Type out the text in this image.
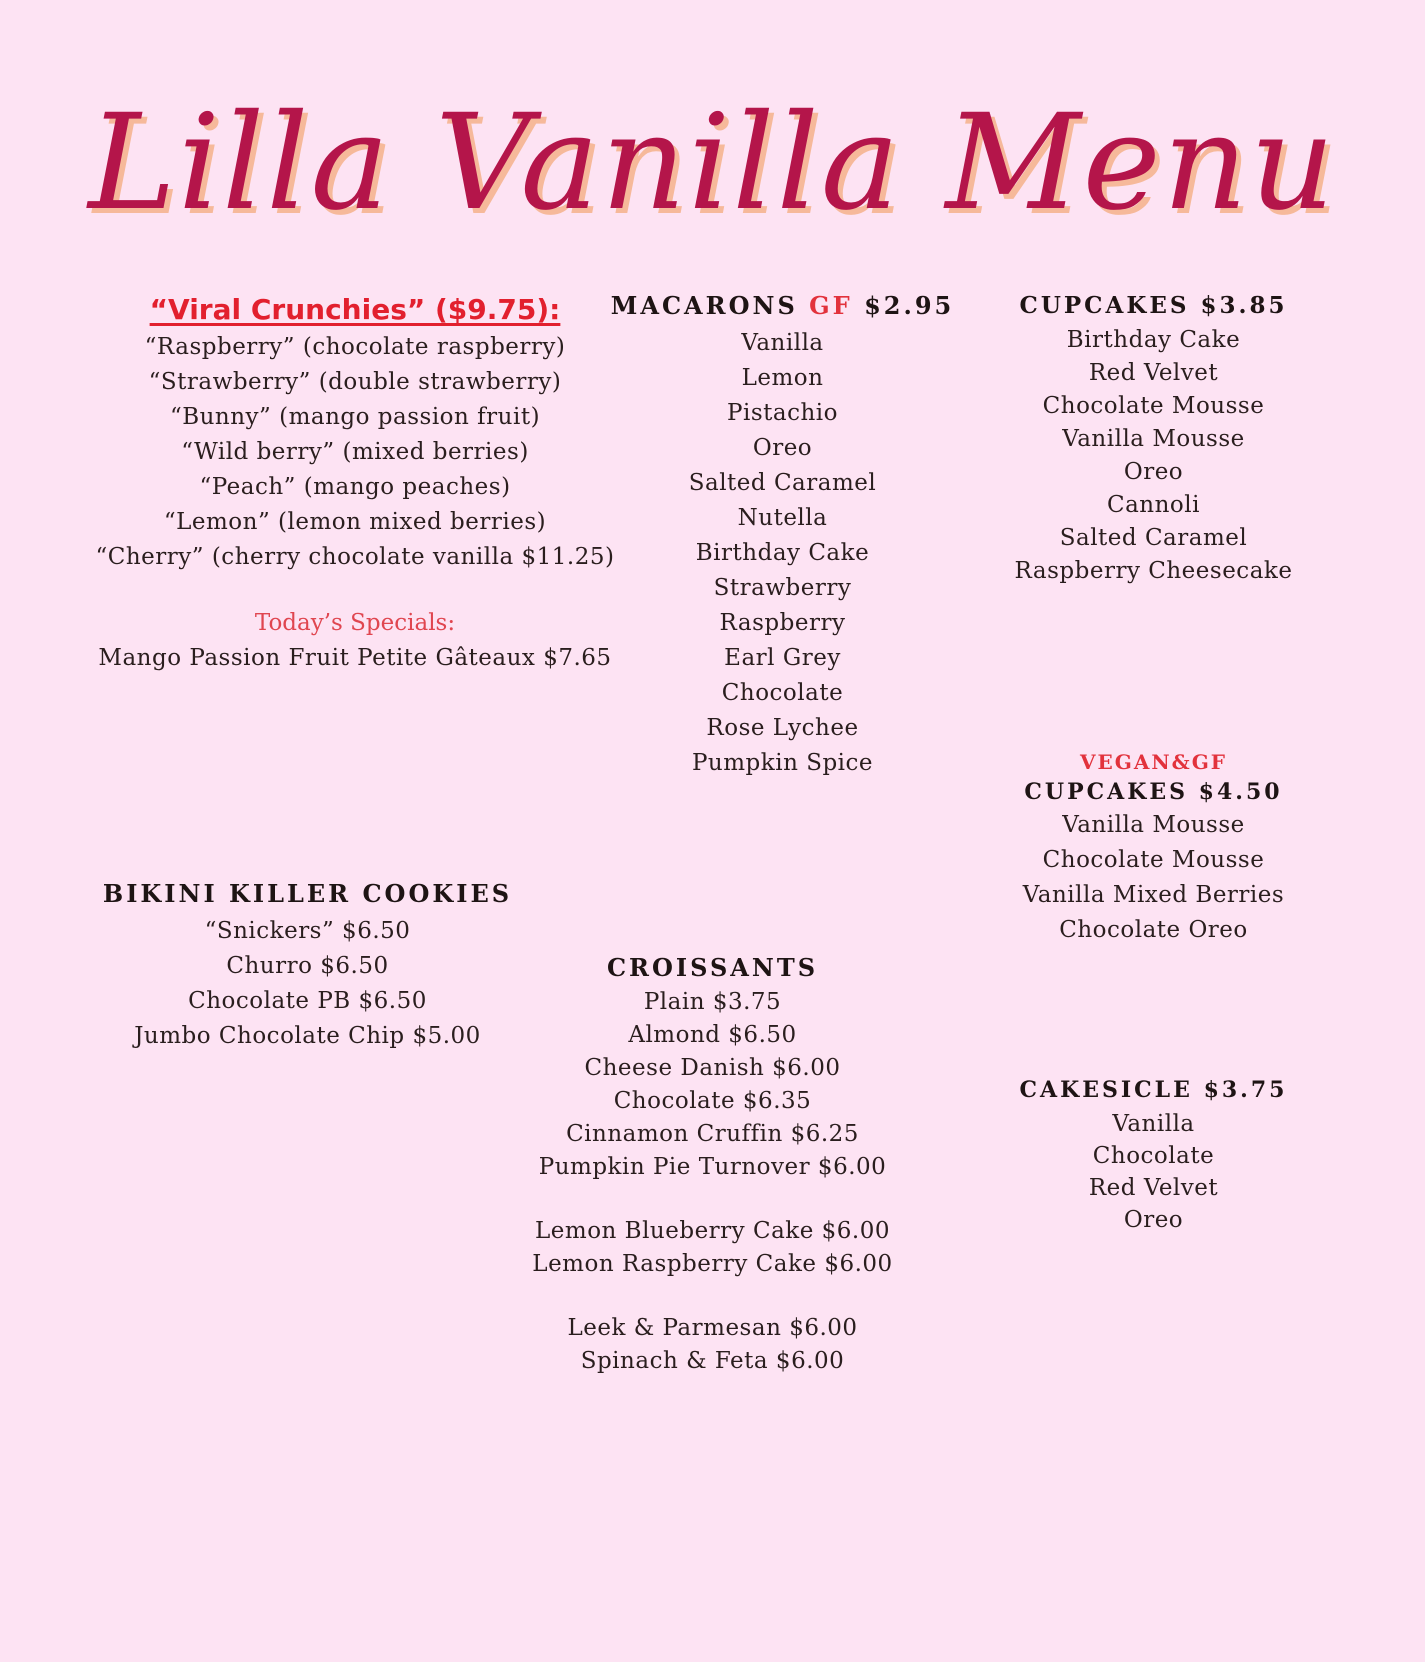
Lilla Vanilla Menu
“Viral Crunchies” ($9.75):
“Raspberry” (chocolate raspberry)
“Strawberry” (double strawberry)
“Bunny” (mango passion fruit)
“Wild berry” (mixed berries)
“Peach” (mango peaches)
“Lemon” (lemon mixed berries)
“Cherry” (cherry chocolate vanilla $11.25)
Today’s Specials:
Mango Passion Fruit Petite Gâteaux $7.65
BIKINI KILLER COOKIES
“Snickers” $6.50
Churro $6.50
Chocolate PB $6.50
Jumbo Chocolate Chip $5.00
MACARONS GF $2.95
Vanilla
Lemon
Pistachio
Oreo
Salted Caramel
Nutella
Birthday Cake
Strawberry
Raspberry
Earl Grey
Chocolate
Rose Lychee
Pumpkin Spice
CROISSANTS
Plain $3.75
Almond $6.50
Cheese Danish $6.00
Chocolate $6.35
Cinnamon Cruffin $6.25
Pumpkin Pie Turnover $6.00
Lemon Blueberry Cake $6.00
Lemon Raspberry Cake $6.00
Leek & Parmesan $6.00
Spinach & Feta $6.00
CUPCAKES $3.85
Birthday Cake
Red Velvet
Chocolate Mousse
Vanilla Mousse
Oreo
Cannoli
Salted Caramel
Raspberry Cheesecake
VEGAN&GF
CUPCAKES $4.50
Vanilla Mousse
Chocolate Mousse
Vanilla Mixed Berries
Chocolate Oreo
CAKESICLE $3.75
Vanilla
Chocolate
Red Velvet
Oreo
